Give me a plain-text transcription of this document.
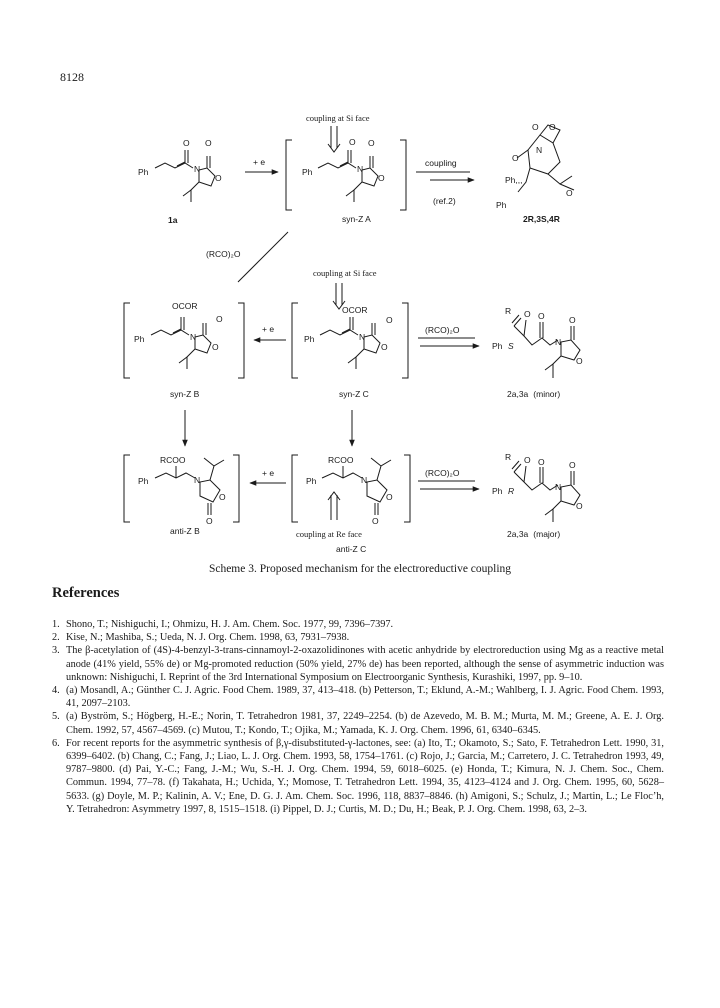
8128
Ph
O O
N
O
1a
+ e
coupling at Si face
Ph
O O
N
O
syn-Z A
coupling
(ref.2)
O O
O
N
Ph,,,
O
Ph
2R,3S,4R
(RCO)₂O
coupling at Si face
Ph
OCOR
O
N
O
syn-Z B
+ e
Ph
OCOR
O
N
O
syn-Z C
(RCO)₂O
R O O	O
N
O
Ph S
2a,3a (minor)
Ph
RCOO
N
O
O
anti-Z B
+ e
Ph
RCOO
N
O
O
coupling at Re face
anti-Z C
(RCO)₂O
R O O	O
N
O
Ph R
2a,3a (major)
Scheme 3. Proposed mechanism for the electroreductive coupling
References
1. Shono, T.; Nishiguchi, I.; Ohmizu, H. J. Am. Chem. Soc. 1977, 99, 7396–7397.
2. Kise, N.; Mashiba, S.; Ueda, N. J. Org. Chem. 1998, 63, 7931–7938.
3. The β-acetylation of (4S)-4-benzyl-3-trans-cinnamoyl-2-oxazolidinones with acetic anhydride by electroreduction using Mg as a reactive metal anode (41% yield, 55% de) or Mg-promoted reduction (50% yield, 27% de) has been reported, although the sense of asymmetric induction was unknown: Nishiguchi, I. Reprint of the 3rd International Symposium on Electroorganic Synthesis, Kurashiki, 1997, pp. 9–10.
4. (a) Mosandl, A.; Günther C. J. Agric. Food Chem. 1989, 37, 413–418. (b) Petterson, T.; Eklund, A.-M.; Wahlberg, I. J. Agric. Food Chem. 1993, 41, 2097–2103.
5. (a) Byström, S.; Högberg, H.-E.; Norin, T. Tetrahedron 1981, 37, 2249–2254. (b) de Azevedo, M. B. M.; Murta, M. M.; Greene, A. E. J. Org. Chem. 1992, 57, 4567–4569. (c) Mutou, T.; Kondo, T.; Ojika, M.; Yamada, K. J. Org. Chem. 1996, 61, 6340–6345.
6. For recent reports for the asymmetric synthesis of β,γ-disubstituted-γ-lactones, see: (a) Ito, T.; Okamoto, S.; Sato, F. Tetrahedron Lett. 1990, 31, 6399–6402. (b) Chang, C.; Fang, J.; Liao, L. J. Org. Chem. 1993, 58, 1754–1761. (c) Rojo, J.; Garcia, M.; Carretero, J. C. Tetrahedron 1993, 49, 9787–9800. (d) Pai, Y.-C.; Fang, J.-M.; Wu, S.-H. J. Org. Chem. 1994, 59, 6018–6025. (e) Honda, T.; Kimura, N. J. Chem. Soc., Chem. Commun. 1994, 77–78. (f) Takahata, H.; Uchida, Y.; Momose, T. Tetrahedron Lett. 1994, 35, 4123–4124 and J. Org. Chem. 1995, 60, 5628–5633. (g) Doyle, M. P.; Kalinin, A. V.; Ene, D. G. J. Am. Chem. Soc. 1996, 118, 8837–8846. (h) Amigoni, S.; Schulz, J.; Martin, L.; Le Floc’h, Y. Tetrahedron: Asymmetry 1997, 8, 1515–1518. (i) Pippel, D. J.; Curtis, M. D.; Du, H.; Beak, P. J. Org. Chem. 1998, 63, 2–3.
